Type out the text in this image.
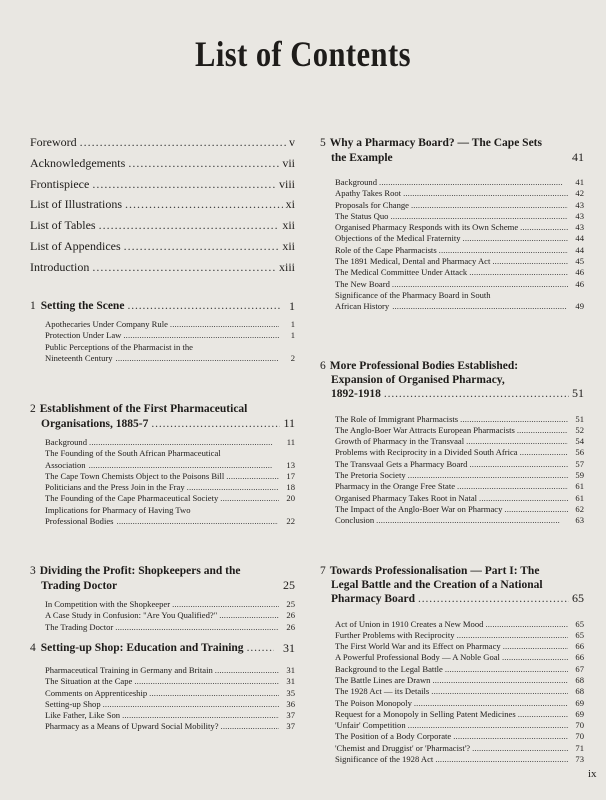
List of Contents
Foreword . . .	v
Acknowledgements . . .	vii
Frontispiece . . .	viii
List of Illustrations . . .	xi
List of Tables . . .	xii
List of Appendices . . .	xii
Introduction . . .	xiii
1 Setting the Scene . . .	1
Apothecaries Under Company Rule . . .	1
Protection Under Law . . .	1
Public Perceptions of the Pharmacist in the
Nineteenth Century . . .	2
2 Establishment of the First Pharmaceutical
Organisations, 1885-7 . . .	11
Background . . .	11
The Founding of the South African Pharmaceutical
Association . . .	13
The Cape Town Chemists Object to the Poisons Bill . . .	17
Politicians and the Press Join in the Fray . . .	18
The Founding of the Cape Pharmaceutical Society . . .	20
Implications for Pharmacy of Having Two
Professional Bodies . . .	22
3 Dividing the Profit: Shopkeepers and the
Trading Doctor	25
In Competition with the Shopkeeper . . .	25
A Case Study in Confusion: "Are You Qualified?" . . .	26
The Trading Doctor . . .	26
4 Setting-up Shop: Education and Training . . .	31
Pharmaceutical Training in Germany and Britain . . .	31
The Situation at the Cape . . .	31
Comments on Apprenticeship . . .	35
Setting-up Shop . . .	36
Like Father, Like Son . . .	37
Pharmacy as a Means of Upward Social Mobility? . . .	37
5 Why a Pharmacy Board? — The Cape Sets
the Example	41
Background . . .	41
Apathy Takes Root . . .	42
Proposals for Change . . .	43
The Status Quo . . .	43
Organised Pharmacy Responds with its Own Scheme . . .	43
Objections of the Medical Fraternity . . .	44
Role of the Cape Pharmacists . . .	44
The 1891 Medical, Dental and Pharmacy Act . . .	45
The Medical Committee Under Attack . . .	46
The New Board . . .	46
Significance of the Pharmacy Board in South
African History . . .	49
6 More Professional Bodies Established:
Expansion of Organised Pharmacy,
1892-1918 . . .	51
The Role of Immigrant Pharmacists . . .	51
The Anglo-Boer War Attracts European Pharmacists . . .	52
Growth of Pharmacy in the Transvaal . . .	54
Problems with Reciprocity in a Divided South Africa . . .	56
The Transvaal Gets a Pharmacy Board . . .	57
The Pretoria Society . . .	59
Pharmacy in the Orange Free State . . .	61
Organised Pharmacy Takes Root in Natal . . .	61
The Impact of the Anglo-Boer War on Pharmacy . . .	62
Conclusion . . .	63
7 Towards Professionalisation — Part I: The
Legal Battle and the Creation of a National
Pharmacy Board . . .	65
Act of Union in 1910 Creates a New Mood . . .	65
Further Problems with Reciprocity . . .	65
The First World War and its Effect on Pharmacy . . .	66
A Powerful Professional Body — A Noble Goal . . .	66
Background to the Legal Battle . . .	67
The Battle Lines are Drawn . . .	68
The 1928 Act — its Details . . .	68
The Poison Monopoly . . .	69
Request for a Monopoly in Selling Patent Medicines . . .	69
'Unfair' Competition . . .	70
The Position of a Body Corporate . . .	70
'Chemist and Druggist' or 'Pharmacist'? . . .	71
Significance of the 1928 Act . . .	73
ix
